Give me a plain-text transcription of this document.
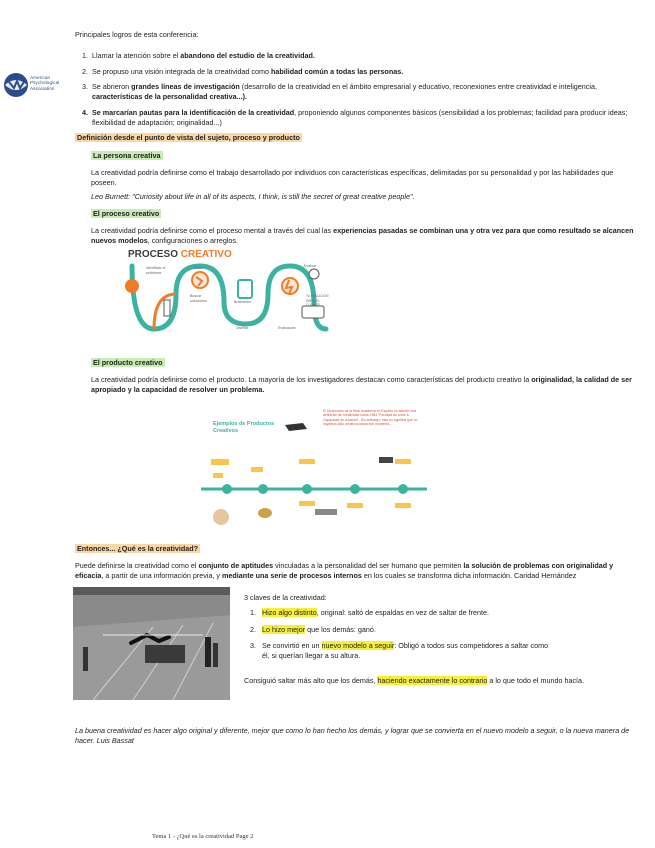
Principales logros de esta conferencia:
American
Psychological
Association
1. Llamar la atención sobre el abandono del estudio de la creatividad.
2. Se propuso una visión integrada de la creatividad como habilidad común a todas las personas.
3. Se abrieron grandes líneas de investigación (desarrollo de la creatividad en el ámbito empresarial y educativo, reconexiones entre creatividad e inteligencia,
características de la personalidad creativa...).
4. Se marcarían pautas para la identificación de la creatividad, proponiendo algunos componentes básicos (sensibilidad a los problemas; facilidad para producir ideas;
flexibilidad de adaptación; originalidad...)
Definición desde el punto de vista del sujeto, proceso y producto
La persona creativa
La creatividad podría definirse como el trabajo desarrollado por individuos con características específicas, delimitadas por su personalidad y por las habilidades que
poseen.
Leo Burnett: "Curiosity about life in all of its aspects, I think, is still the secret of great creative people".
El proceso creativo
La creatividad podría definirse como el proceso mental a través del cual las experiencias pasadas se combinan una y otra vez para que como resultado se alcancen
nuevos modelos, configuraciones o arreglos.
PROCESO CREATIVO
Identificar el problema
Idear
Buscar soluciones	Brainstorm
Diseñar
Evaluar
Evaluación
Tu SOLUCIÓN PARA EL CLIENTE
El producto creativo
La creatividad podría definirse como el producto. La mayoría de los investigadores destacan como características del producto creativo la originalidad, la calidad de ser
apropiado y la capacidad de resolver un problema.
Ejemplos de Productos Creativos
El Diccionario de la Real Academia en España no admitió una definición de creatividad hasta 1984 "Facultad de crear & Capacidad de creación". Sin embargo, esto no significa que no hayamos sido creativos hasta ese momento...
Entonces... ¿Qué es la creatividad?
Puede definirse la creatividad como el conjunto de aptitudes vinculadas a la personalidad del ser humano que permiten la solución de problemas con originalidad y
eficacia, a partir de una información previa, y mediante una serie de procesos internos en los cuales se transforma dicha información. Caridad Hernández
3 claves de la creatividad:
1. Hizo algo distinto, original: saltó de espaldas en vez de saltar de frente.
2. Lo hizo mejor que los demás: ganó.
3. Se convirtió en un nuevo modelo a seguir: Obligó a todos sus competidores a saltar como
él, si querían llegar a su altura.
Consiguió saltar más alto que los demás, haciendo exactamente lo contrario a lo que todo el mundo hacía.
La buena creatividad es hacer algo original y diferente, mejor que como lo han hecho los demás, y lograr que se convierta en el nuevo modelo a seguir, o la nueva manera de
hacer. Luis Bassat
Tema 1 - ¿Qué es la creatividad Page 2
